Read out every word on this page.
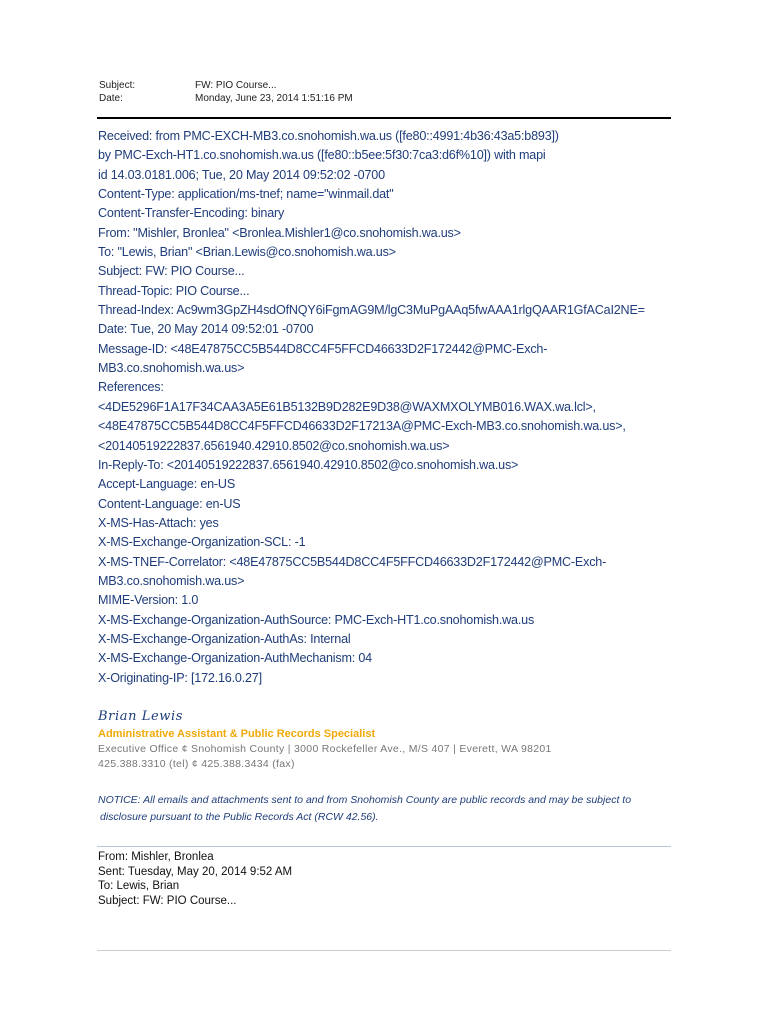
Subject:	FW: PIO Course...
Date:	Monday, June 23, 2014 1:51:16 PM
Received: from PMC-EXCH-MB3.co.snohomish.wa.us ([fe80::4991:4b36:43a5:b893])
by PMC-Exch-HT1.co.snohomish.wa.us ([fe80::b5ee:5f30:7ca3:d6f%10]) with mapi
id 14.03.0181.006; Tue, 20 May 2014 09:52:02 -0700
Content-Type: application/ms-tnef; name="winmail.dat"
Content-Transfer-Encoding: binary
From: "Mishler, Bronlea" <Bronlea.Mishler1@co.snohomish.wa.us>
To: "Lewis, Brian" <Brian.Lewis@co.snohomish.wa.us>
Subject: FW: PIO Course...
Thread-Topic: PIO Course...
Thread-Index: Ac9wm3GpZH4sdOfNQY6iFgmAG9M/lgC3MuPgAAq5fwAAA1rlgQAAR1GfACaI2NE=
Date: Tue, 20 May 2014 09:52:01 -0700
Message-ID: <48E47875CC5B544D8CC4F5FFCD46633D2F172442@PMC-Exch-
MB3.co.snohomish.wa.us>
References:
<4DE5296F1A17F34CAA3A5E61B5132B9D282E9D38@WAXMXOLYMB016.WAX.wa.lcl>,
<48E47875CC5B544D8CC4F5FFCD46633D2F17213A@PMC-Exch-MB3.co.snohomish.wa.us>,
<20140519222837.6561940.42910.8502@co.snohomish.wa.us>
In-Reply-To: <20140519222837.6561940.42910.8502@co.snohomish.wa.us>
Accept-Language: en-US
Content-Language: en-US
X-MS-Has-Attach: yes
X-MS-Exchange-Organization-SCL: -1
X-MS-TNEF-Correlator: <48E47875CC5B544D8CC4F5FFCD46633D2F172442@PMC-Exch-
MB3.co.snohomish.wa.us>
MIME-Version: 1.0
X-MS-Exchange-Organization-AuthSource: PMC-Exch-HT1.co.snohomish.wa.us
X-MS-Exchange-Organization-AuthAs: Internal
X-MS-Exchange-Organization-AuthMechanism: 04
X-Originating-IP: [172.16.0.27]
Brian Lewis
Administrative Assistant & Public Records Specialist
Executive Office ¢ Snohomish County | 3000 Rockefeller Ave., M/S 407 | Everett, WA 98201
425.388.3310 (tel) ¢ 425.388.3434 (fax)
NOTICE: All emails and attachments sent to and from Snohomish County are public records and may be subject to
disclosure pursuant to the Public Records Act (RCW 42.56).
From: Mishler, Bronlea
Sent: Tuesday, May 20, 2014 9:52 AM
To: Lewis, Brian
Subject: FW: PIO Course...
